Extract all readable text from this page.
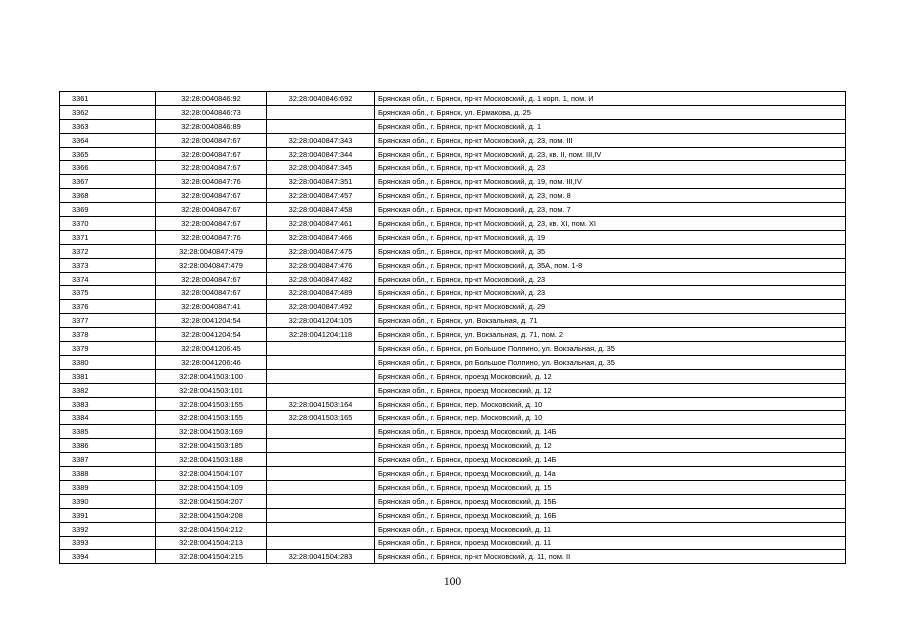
3361	32:28:0040846:92	32:28:0040846:692	Брянская обл., г. Брянск, пр-кт Московский, д. 1 корп. 1, пом. И
3362	32:28:0040846:73		Брянская обл., г. Брянск, ул. Ермакова, д. 25
3363	32:28:0040846:89		Брянская обл., г. Брянск, пр-кт Московский, д. 1
3364	32:28:0040847:67	32:28:0040847:343	Брянская обл., г. Брянск, пр-кт Московский, д. 23, пом. III
3365	32:28:0040847:67	32:28:0040847:344	Брянская обл., г. Брянск, пр-кт Московский, д. 23, кв. II, пом. III,IV
3366	32:28:0040847:67	32:28:0040847:345	Брянская обл., г. Брянск, пр-кт Московский, д. 23
3367	32:28:0040847:76	32:28:0040847:351	Брянская обл., г. Брянск, пр-кт Московский, д. 19, пом. III,IV
3368	32:28:0040847:67	32:28:0040847:457	Брянская обл., г. Брянск, пр-кт Московский, д. 23, пом. 8
3369	32:28:0040847:67	32:28:0040847:458	Брянская обл., г. Брянск, пр-кт Московский, д. 23, пом. 7
3370	32:28:0040847:67	32:28:0040847:461	Брянская обл., г. Брянск, пр-кт Московский, д. 23, кв. XI, пом. XI
3371	32:28:0040847:76	32:28:0040847:466	Брянская обл., г. Брянск, пр-кт Московский, д. 19
3372	32:28:0040847:479	32:28:0040847:475	Брянская обл., г. Брянск, пр-кт Московский, д. 35
3373	32:28:0040847:479	32:28:0040847:476	Брянская обл., г. Брянск, пр-кт Московский, д. 35А, пом. 1-8
3374	32:28:0040847:67	32:28:0040847:482	Брянская обл., г. Брянск, пр-кт Московский, д. 23
3375	32:28:0040847:67	32:28:0040847:489	Брянская обл., г. Брянск, пр-кт Московский, д. 23
3376	32:28:0040847:41	32:28:0040847:492	Брянская обл., г. Брянск, пр-кт Московский, д. 29
3377	32:28:0041204:54	32:28:0041204:105	Брянская обл., г. Брянск, ул. Вокзальная, д. 71
3378	32:28:0041204:54	32:28:0041204:118	Брянская обл., г. Брянск, ул. Вокзальная, д. 71, пом. 2
3379	32:28:0041206:45		Брянская обл., г. Брянск, рп Большое Полпино, ул. Вокзальная, д. 35
3380	32:28:0041206:46		Брянская обл., г. Брянск, рп Большое Полпино, ул. Вокзальная, д. 35
3381	32:28:0041503:100		Брянская обл., г. Брянск, проезд Московский, д. 12
3382	32:28:0041503:101		Брянская обл., г. Брянск, проезд Московский, д. 12
3383	32:28:0041503:155	32:28:0041503:164	Брянская обл., г. Брянск, пер. Московский, д. 10
3384	32:28:0041503:155	32:28:0041503:165	Брянская обл., г. Брянск, пер. Московский, д. 10
3385	32:28:0041503:169		Брянская обл., г. Брянск, проезд Московский, д. 14Б
3386	32:28:0041503:185		Брянская обл., г. Брянск, проезд Московский, д. 12
3387	32:28:0041503:188		Брянская обл., г. Брянск, проезд Московский, д. 14Б
3388	32:28:0041504:107		Брянская обл., г. Брянск, проезд Московский, д. 14а
3389	32:28:0041504:109		Брянская обл., г. Брянск, проезд Московский, д. 15
3390	32:28:0041504:207		Брянская обл., г. Брянск, проезд Московский, д. 15Б
3391	32:28:0041504:208		Брянская обл., г. Брянск, проезд Московский, д. 16Б
3392	32:28:0041504:212		Брянская обл., г. Брянск, проезд Московский, д. 11
3393	32:28:0041504:213		Брянская обл., г. Брянск, проезд Московский, д. 11
3394	32:28:0041504:215	32:28:0041504:283	Брянская обл., г. Брянск, пр-кт Московский, д. 11, пом. II
100
